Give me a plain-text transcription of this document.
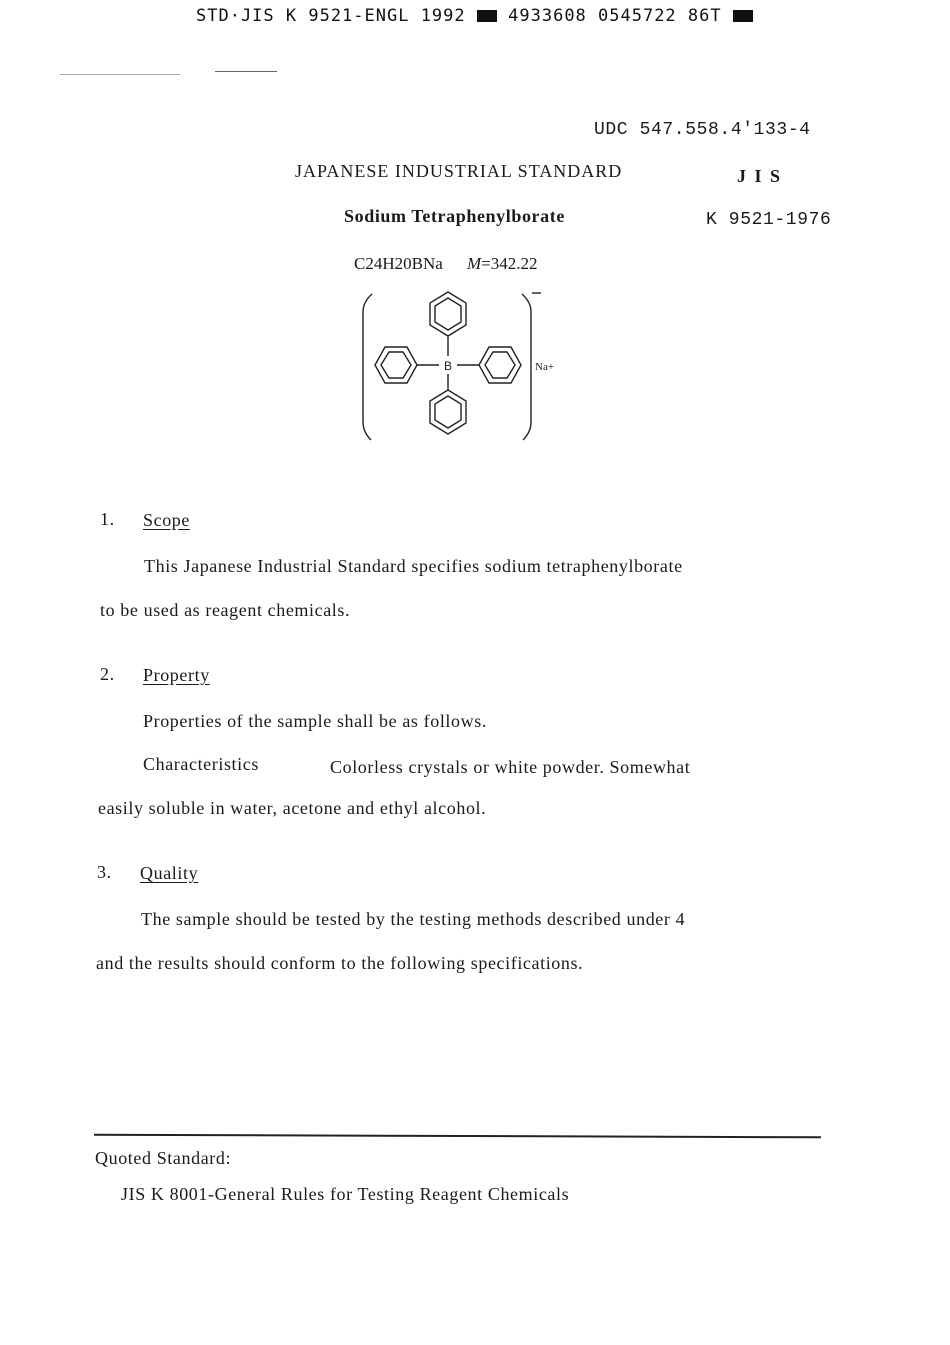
STD·JIS K 9521-ENGL 1992	4933608 0545722 86T
UDC 547.558.4'133-4
JAPANESE INDUSTRIAL STANDARD	J I S
Sodium Tetraphenylborate	K 9521-1976
C24H20BNa M=342.22
B	Na+
1. Scope
This Japanese Industrial Standard specifies sodium tetraphenylborate
to be used as reagent chemicals.
2. Property
Properties of the sample shall be as follows.
Characteristics	Colorless crystals or white powder. Somewhat
easily soluble in water, acetone and ethyl alcohol.
3. Quality
The sample should be tested by the testing methods described under 4
and the results should conform to the following specifications.
Quoted Standard:
JIS K 8001-General Rules for Testing Reagent Chemicals
